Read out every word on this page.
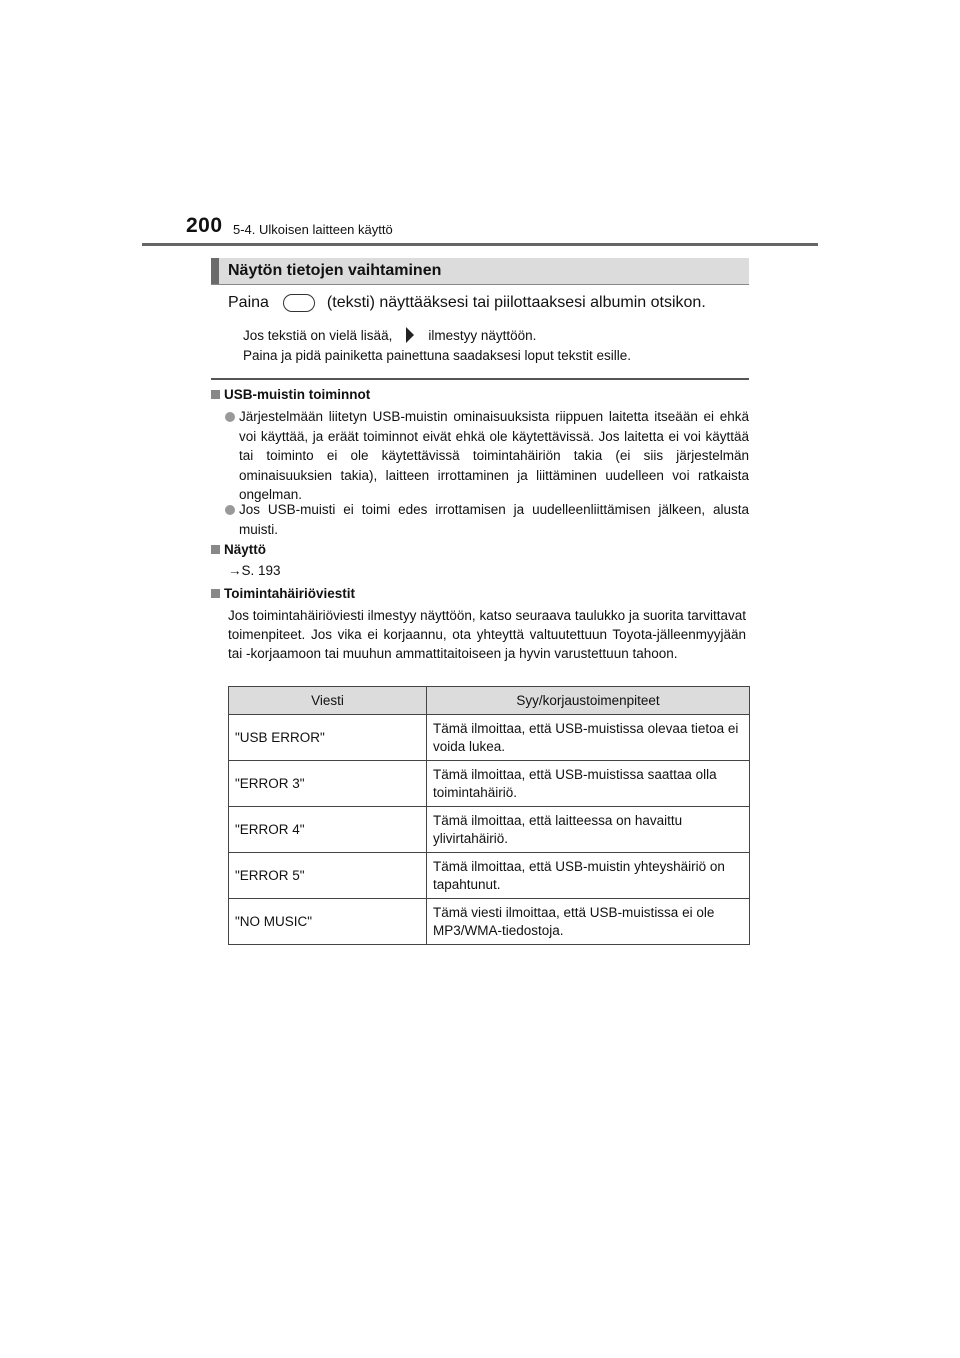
200 5-4. Ulkoisen laitteen käyttö
Näytön tietojen vaihtaminen
Paina	(teksti) näyttääksesi tai piilottaaksesi albumin otsikon.
Jos tekstiä on vielä lisää,	ilmestyy näyttöön.
Paina ja pidä painiketta painettuna saadaksesi loput tekstit esille.
USB-muistin toiminnot
Järjestelmään liitetyn USB-muistin ominaisuuksista riippuen laitetta itseään ei ehkä voi käyttää, ja eräät toiminnot eivät ehkä ole käytettävissä. Jos laitetta ei voi käyttää tai toiminto ei ole käytettävissä toimintahäiriön takia (ei siis järjestelmän ominaisuuksien takia), laitteen irrottaminen ja liittäminen uudelleen voi ratkaista ongelman.
Jos USB-muisti ei toimi edes irrottamisen ja uudelleenliittämisen jälkeen, alusta muisti.
Näyttö
→S. 193
Toimintahäiriöviestit
Jos toimintahäiriöviesti ilmestyy näyttöön, katso seuraava taulukko ja suorita tarvittavat toimenpiteet. Jos vika ei korjaannu, ota yhteyttä valtuutettuun Toyota-jälleenmyyjään tai -korjaamoon tai muuhun ammattitaitoiseen ja hyvin varustettuun tahoon.
Viesti	Syy/korjaustoimenpiteet
"USB ERROR"	Tämä ilmoittaa, että USB-muistissa olevaa tietoa ei voida lukea.
"ERROR 3"	Tämä ilmoittaa, että USB-muistissa saattaa olla toimintahäiriö.
"ERROR 4"	Tämä ilmoittaa, että laitteessa on havaittu ylivirtahäiriö.
"ERROR 5"	Tämä ilmoittaa, että USB-muistin yhteyshäiriö on tapahtunut.
"NO MUSIC"	Tämä viesti ilmoittaa, että USB-muistissa ei ole MP3/WMA-tiedostoja.
